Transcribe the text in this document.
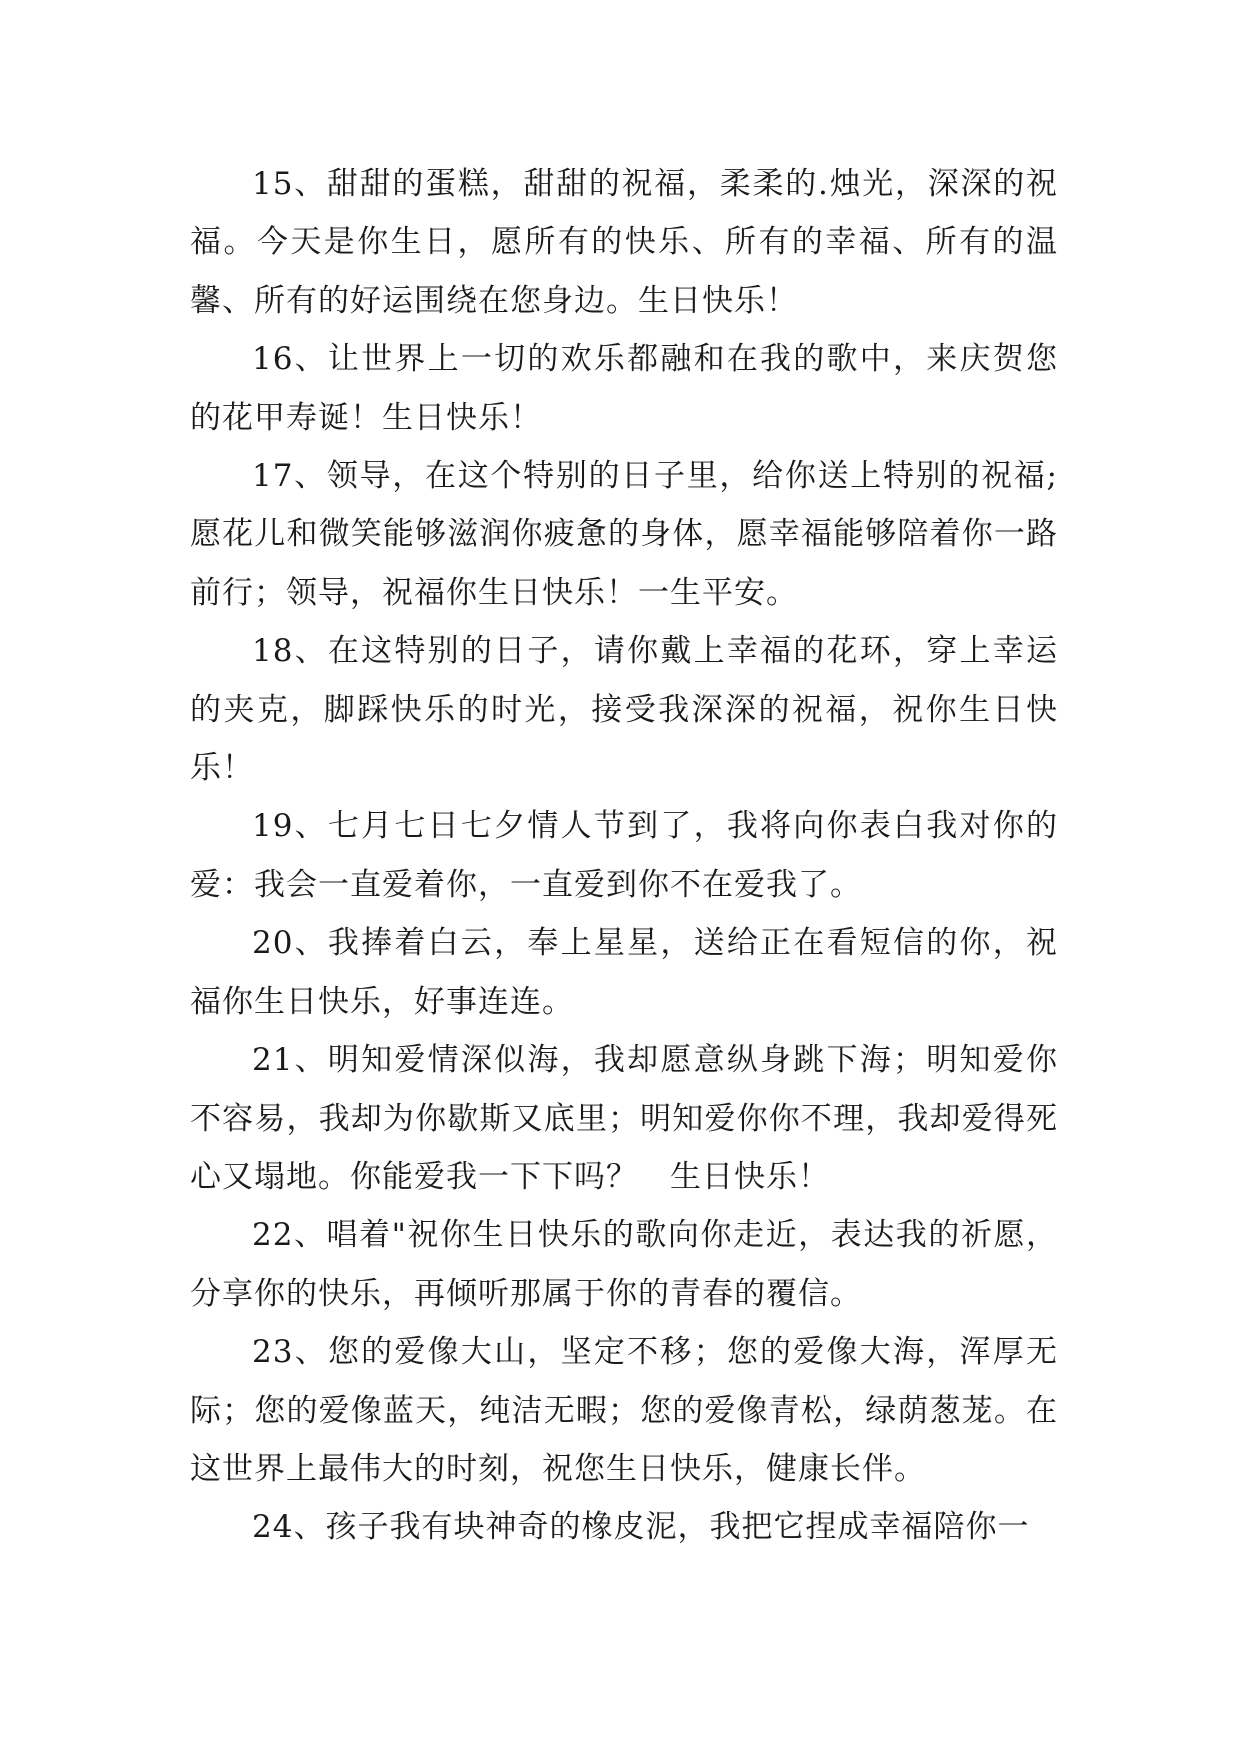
15、甜甜的蛋糕，甜甜的祝福，柔柔的.烛光，深深的祝福。今天是你生日，愿所有的快乐、所有的幸福、所有的温馨、所有的好运围绕在您身边。生日快乐！

16、让世界上一切的欢乐都融和在我的歌中，来庆贺您的花甲寿诞！生日快乐！

17、领导，在这个特别的日子里，给你送上特别的祝福;愿花儿和微笑能够滋润你疲惫的身体，愿幸福能够陪着你一路前行；领导，祝福你生日快乐！一生平安。

18、在这特别的日子，请你戴上幸福的花环，穿上幸运的夹克，脚踩快乐的时光，接受我深深的祝福，祝你生日快乐！

19、七月七日七夕情人节到了，我将向你表白我对你的爱：我会一直爱着你，一直爱到你不在爱我了。

20、我捧着白云，奉上星星，送给正在看短信的你，祝福你生日快乐，好事连连。

21、明知爱情深似海，我却愿意纵身跳下海；明知爱你不容易，我却为你歇斯又底里；明知爱你你不理，我却爱得死心又塌地。你能爱我一下下吗？　生日快乐！

22、唱着"祝你生日快乐的歌向你走近，表达我的祈愿，分享你的快乐，再倾听那属于你的青春的覆信。

23、您的爱像大山，坚定不移；您的爱像大海，浑厚无际；您的爱像蓝天，纯洁无暇；您的爱像青松，绿荫葱茏。在这世界上最伟大的时刻，祝您生日快乐，健康长伴。

24、孩子我有块神奇的橡皮泥，我把它捏成幸福陪你一
